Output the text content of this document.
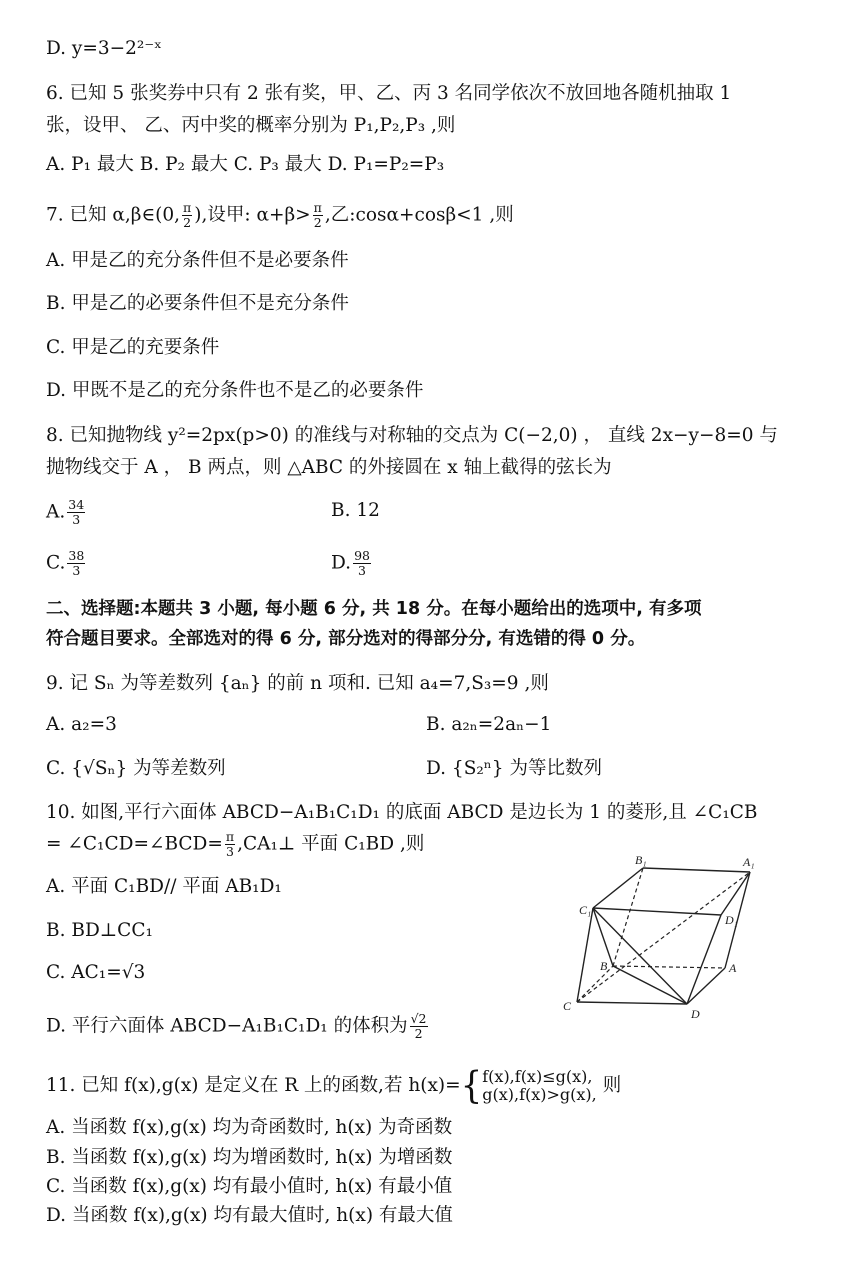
D. y=3−2²⁻ˣ
6. 已知 5 张奖券中只有 2 张有奖，甲、乙、丙 3 名同学依次不放回地各随机抽取 1
张，设甲、 乙、丙中奖的概率分别为 P₁,P₂,P₃ ,则
A. P₁ 最大 B. P₂ 最大 C. P₃ 最大 D. P₁=P₂=P₃
7. 已知 α,β∈(0, $\frac{\pi}{2}$ ),设甲: $\alpha+\beta> \frac{\pi}{2}$ ,乙:cosα+cosβ<1 ,则
A. 甲是乙的充分条件但不是必要条件
B. 甲是乙的必要条件但不是充分条件
C. 甲是乙的充要条件
D. 甲既不是乙的充分条件也不是乙的必要条件
8. 已知抛物线 y²=2px(p>0) 的准线与对称轴的交点为 C(−2,0) ， 直线 2x−y−8=0 与
抛物线交于 A ， B 两点，则 △ABC 的外接圆在 x 轴上截得的弦长为
A. $\frac{34}{3}$	B. 12
C. $\frac{38}{3}$	D. $\frac{98}{3}$
二、选择题:本题共 3 小题, 每小题 6 分, 共 18 分。在每小题给出的选项中, 有多项
符合题目要求。全部选对的得 6 分, 部分选对的得部分分, 有选错的得 0 分。
9. 记 Sₙ 为等差数列 {aₙ} 的前 n 项和. 已知 a₄=7,S₃=9 ,则
A. a₂=3	B. a₂ₙ=2aₙ−1
C. {√Sₙ} 为等差数列	D. {S₂ⁿ} 为等比数列
10. 如图,平行六面体 ABCD−A₁B₁C₁D₁ 的底面 ABCD 是边长为 1 的菱形,且 ∠C₁CB
= ∠C₁CD=∠BCD= $\frac{\pi}{3}$ ,CA₁⊥ 平面 C₁BD ,则
A. 平面 C₁BD// 平面 AB₁D₁
B. BD⊥CC₁
C. AC₁=√3
D. 平行六面体 ABCD−A₁B₁C₁D₁ 的体积为 $\frac{√2}{2}$
B₁	A₁
C₁
D₁
B	A
C
D
11. 已知 f(x),g(x) 是定义在 R 上的函数,若 h(x)={ f(x),f(x)≤g(x),
g(x),f(x)>g(x), 则
A. 当函数 f(x),g(x) 均为奇函数时, h(x) 为奇函数
B. 当函数 f(x),g(x) 均为增函数时, h(x) 为增函数
C. 当函数 f(x),g(x) 均有最小值时, h(x) 有最小值
D. 当函数 f(x),g(x) 均有最大值时, h(x) 有最大值
